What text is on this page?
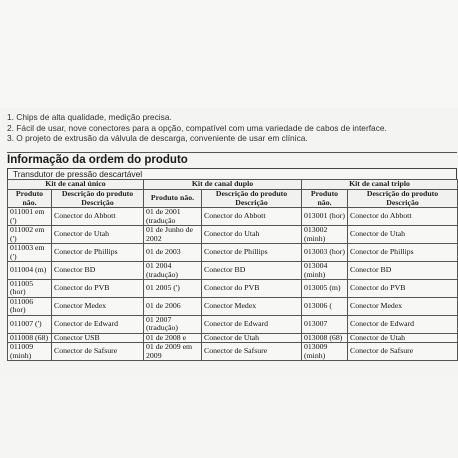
1. Chips de alta qualidade, medição precisa.
2. Fácil de usar, nove conectores para a opção, compatível com uma variedade de cabos de interface.
3. O projeto de extrusão da válvula de descarga, conveniente de usar em clínica.
Informação da ordem do produto
Transdutor de pressão descartável
Kit de canal único		Kit de canal duplo		Kit de canal triplo	
Produto não.	Descrição do produto Descrição	Produto não.	Descrição do produto Descrição	Produto não.	Descrição do produto Descrição
011001 em (')	Conector do Abbott	01 de 2001 (tradução	Conector do Abbott	013001 (hor)	Conector do Abbott
011002 em (')	Conector de Utah	01 de Junho de 2002	Conector do Utah	013002 (minh)	Conector de Utah
011003 em (')	Conector de Phillips	01 de 2003	Conector de Phillips	013003 (hor)	Conector de Phillips
011004 (m)	Conector BD	01 2004 (tradução)	Conector BD	013004 (minh)	Conector BD
011005 (hor)	Conector do PVB	01 2005 (')	Conector do PVB	013005 (m)	Conector do PVB
011006 (hor)	Conector Medex	01 de 2006	Conector Medex	013006 (	Conector Medex
011007 (')	Conector de Edward	01 2007 (tradução)	Conector de Edward	013007	Conector de Edward
011008 (68)	Conector USB	01 de 2008 e	Conector de Utah	013008 (68)	Conector de Utah
011009 (minh)	Conector de Safsure	01 de 2009 em 2009	Conector de Safsure	013009 (minh)	Conector de Safsure
